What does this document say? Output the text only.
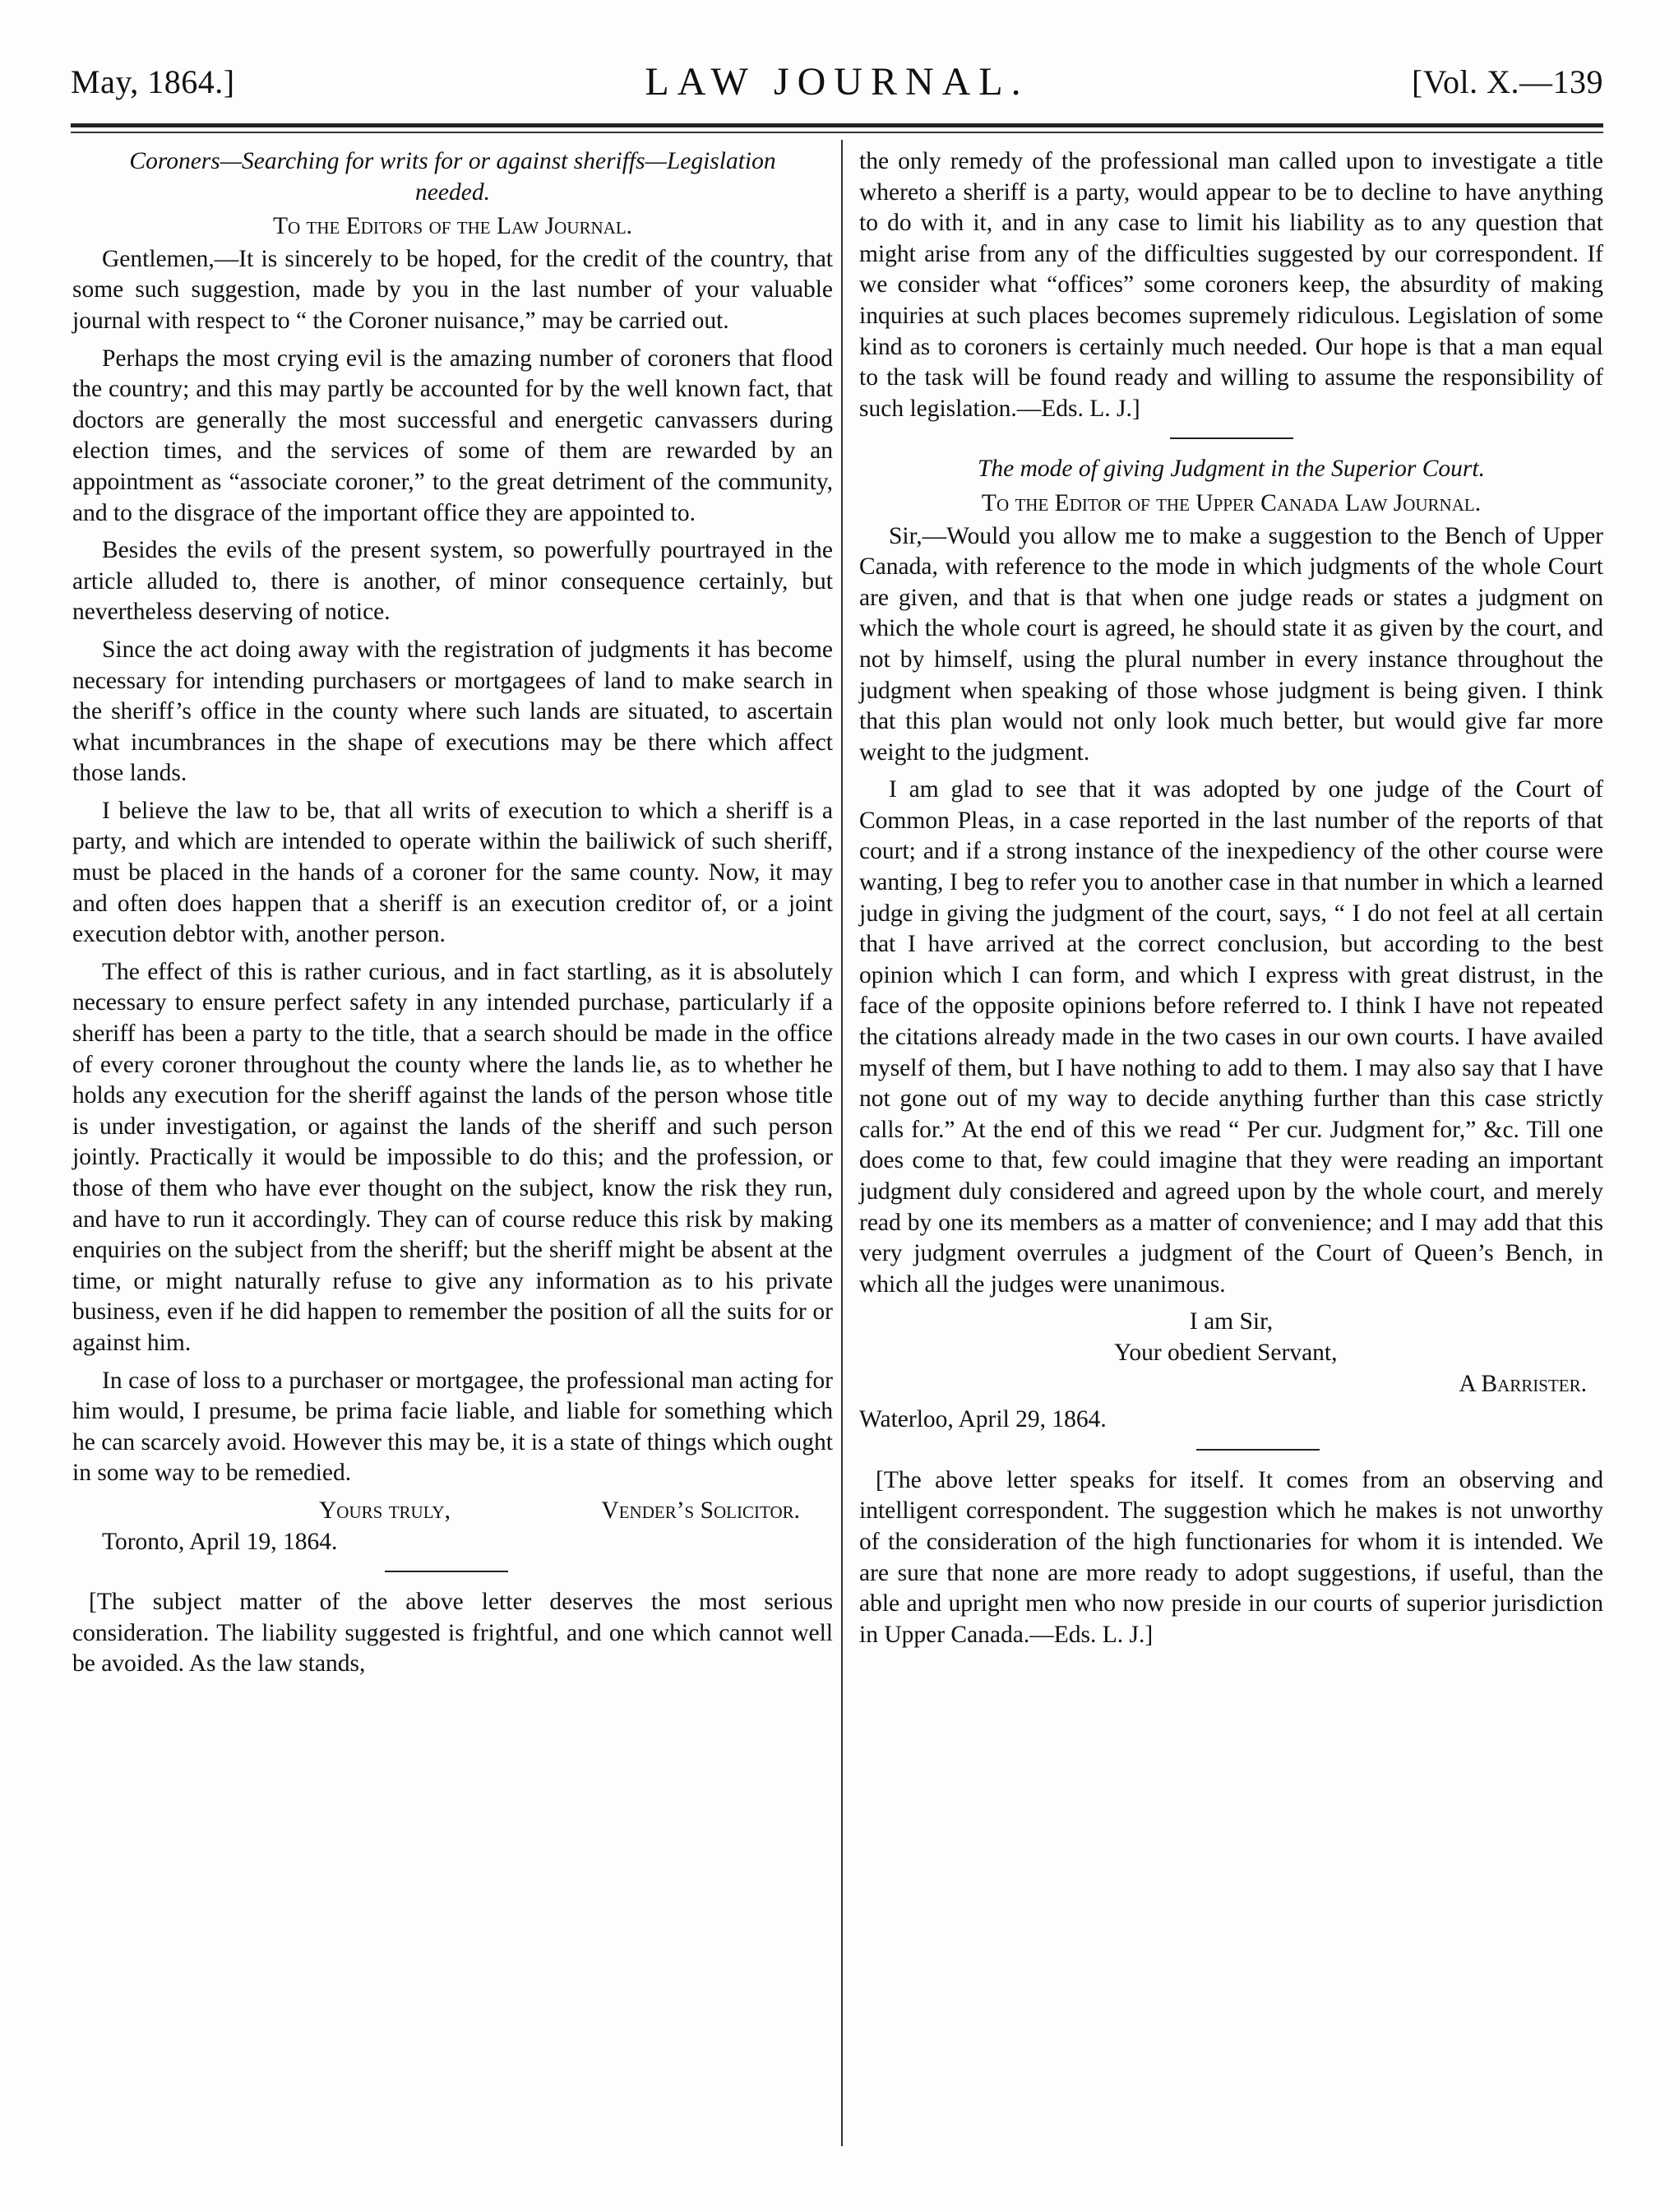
May, 1864.]	LAW JOURNAL.	[Vol. X.—139
Coroners—Searching for writs for or against sheriffs—Legislation needed.
To the Editors of the Law Journal.

Gentlemen,—It is sincerely to be hoped, for the credit of the country, that some such suggestion, made by you in the last number of your valuable journal with respect to “ the Coroner nuisance,” may be carried out.

Perhaps the most crying evil is the amazing number of coroners that flood the country; and this may partly be accounted for by the well known fact, that doctors are generally the most successful and energetic canvassers during election times, and the services of some of them are rewarded by an appointment as “associate coroner,” to the great detriment of the community, and to the disgrace of the important office they are appointed to.

Besides the evils of the present system, so powerfully pourtrayed in the article alluded to, there is another, of minor consequence certainly, but nevertheless deserving of notice.

Since the act doing away with the registration of judgments it has become necessary for intending purchasers or mortgagees of land to make search in the sheriff’s office in the county where such lands are situated, to ascertain what incumbrances in the shape of executions may be there which affect those lands.

I believe the law to be, that all writs of execution to which a sheriff is a party, and which are intended to operate within the bailiwick of such sheriff, must be placed in the hands of a coroner for the same county. Now, it may and often does happen that a sheriff is an execution creditor of, or a joint execution debtor with, another person.

The effect of this is rather curious, and in fact startling, as it is absolutely necessary to ensure perfect safety in any intended purchase, particularly if a sheriff has been a party to the title, that a search should be made in the office of every coroner throughout the county where the lands lie, as to whether he holds any execution for the sheriff against the lands of the person whose title is under investigation, or against the lands of the sheriff and such person jointly. Practically it would be impossible to do this; and the profession, or those of them who have ever thought on the subject, know the risk they run, and have to run it accordingly. They can of course reduce this risk by making enquiries on the subject from the sheriff; but the sheriff might be absent at the time, or might naturally refuse to give any information as to his private business, even if he did happen to remember the position of all the suits for or against him.

In case of loss to a purchaser or mortgagee, the professional man acting for him would, I presume, be prima facie liable, and liable for something which he can scarcely avoid. However this may be, it is a state of things which ought in some way to be remedied.

Yours truly,	Vender’s Solicitor.
Toronto, April 19, 1864.

[The subject matter of the above letter deserves the most serious consideration. The liability suggested is frightful, and one which cannot well be avoided. As the law stands,

the only remedy of the professional man called upon to investigate a title whereto a sheriff is a party, would appear to be to decline to have anything to do with it, and in any case to limit his liability as to any question that might arise from any of the difficulties suggested by our correspondent. If we consider what “offices” some coroners keep, the absurdity of making inquiries at such places becomes supremely ridiculous. Legislation of some kind as to coroners is certainly much needed. Our hope is that a man equal to the task will be found ready and willing to assume the responsibility of such legislation.—Eds. L. J.]

The mode of giving Judgment in the Superior Court.
To the Editor of the Upper Canada Law Journal.

Sir,—Would you allow me to make a suggestion to the Bench of Upper Canada, with reference to the mode in which judgments of the whole Court are given, and that is that when one judge reads or states a judgment on which the whole court is agreed, he should state it as given by the court, and not by himself, using the plural number in every instance throughout the judgment when speaking of those whose judgment is being given. I think that this plan would not only look much better, but would give far more weight to the judgment.

I am glad to see that it was adopted by one judge of the Court of Common Pleas, in a case reported in the last number of the reports of that court; and if a strong instance of the inexpediency of the other course were wanting, I beg to refer you to another case in that number in which a learned judge in giving the judgment of the court, says, “ I do not feel at all certain that I have arrived at the correct conclusion, but according to the best opinion which I can form, and which I express with great distrust, in the face of the opposite opinions before referred to. I think I have not repeated the citations already made in the two cases in our own courts. I have availed myself of them, but I have nothing to add to them. I may also say that I have not gone out of my way to decide anything further than this case strictly calls for.” At the end of this we read “ Per cur. Judgment for,” &c. Till one does come to that, few could imagine that they were reading an important judgment duly considered and agreed upon by the whole court, and merely read by one its members as a matter of convenience; and I may add that this very judgment overrules a judgment of the Court of Queen’s Bench, in which all the judges were unanimous.

I am Sir,
Your obedient Servant,
A Barrister.
Waterloo, April 29, 1864.

[The above letter speaks for itself. It comes from an observing and intelligent correspondent. The suggestion which he makes is not unworthy of the consideration of the high functionaries for whom it is intended. We are sure that none are more ready to adopt suggestions, if useful, than the able and upright men who now preside in our courts of superior jurisdiction in Upper Canada.—Eds. L. J.]
